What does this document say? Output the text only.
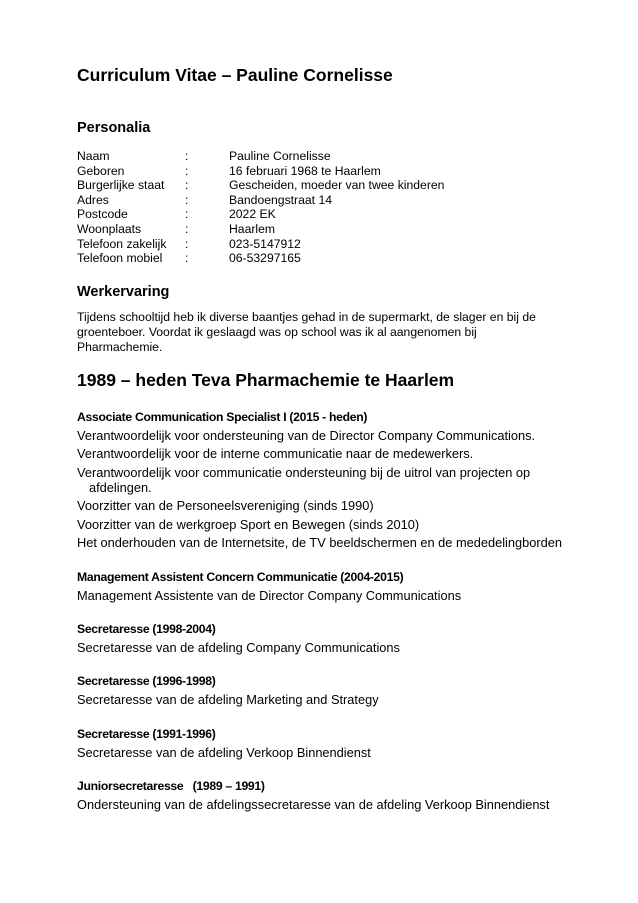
Curriculum Vitae – Pauline Cornelisse
Personalia
Naam	:	Pauline Cornelisse
Geboren	:	16 februari 1968 te Haarlem
Burgerlijke staat	:	Gescheiden, moeder van twee kinderen
Adres	:	Bandoengstraat 14
Postcode	:	2022 EK
Woonplaats	:	Haarlem
Telefoon zakelijk	:	023-5147912
Telefoon mobiel	:	06-53297165
Werkervaring
Tijdens schooltijd heb ik diverse baantjes gehad in de supermarkt, de slager en bij de
groenteboer. Voordat ik geslaagd was op school was ik al aangenomen bij
Pharmachemie.
1989 – heden Teva Pharmachemie te Haarlem
Associate Communication Specialist I (2015 - heden)
Verantwoordelijk voor ondersteuning van de Director Company Communications.
Verantwoordelijk voor de interne communicatie naar de medewerkers.
Verantwoordelijk voor communicatie ondersteuning bij de uitrol van projecten op
afdelingen.
Voorzitter van de Personeelsvereniging (sinds 1990)
Voorzitter van de werkgroep Sport en Bewegen (sinds 2010)
Het onderhouden van de Internetsite, de TV beeldschermen en de mededelingborden
Management Assistent Concern Communicatie (2004-2015)
Management Assistente van de Director Company Communications
Secretaresse (1998-2004)
Secretaresse van de afdeling Company Communications
Secretaresse (1996-1998)
Secretaresse van de afdeling Marketing and Strategy
Secretaresse (1991-1996)
Secretaresse van de afdeling Verkoop Binnendienst
Juniorsecretaresse   (1989 – 1991)
Ondersteuning van de afdelingssecretaresse van de afdeling Verkoop Binnendienst
